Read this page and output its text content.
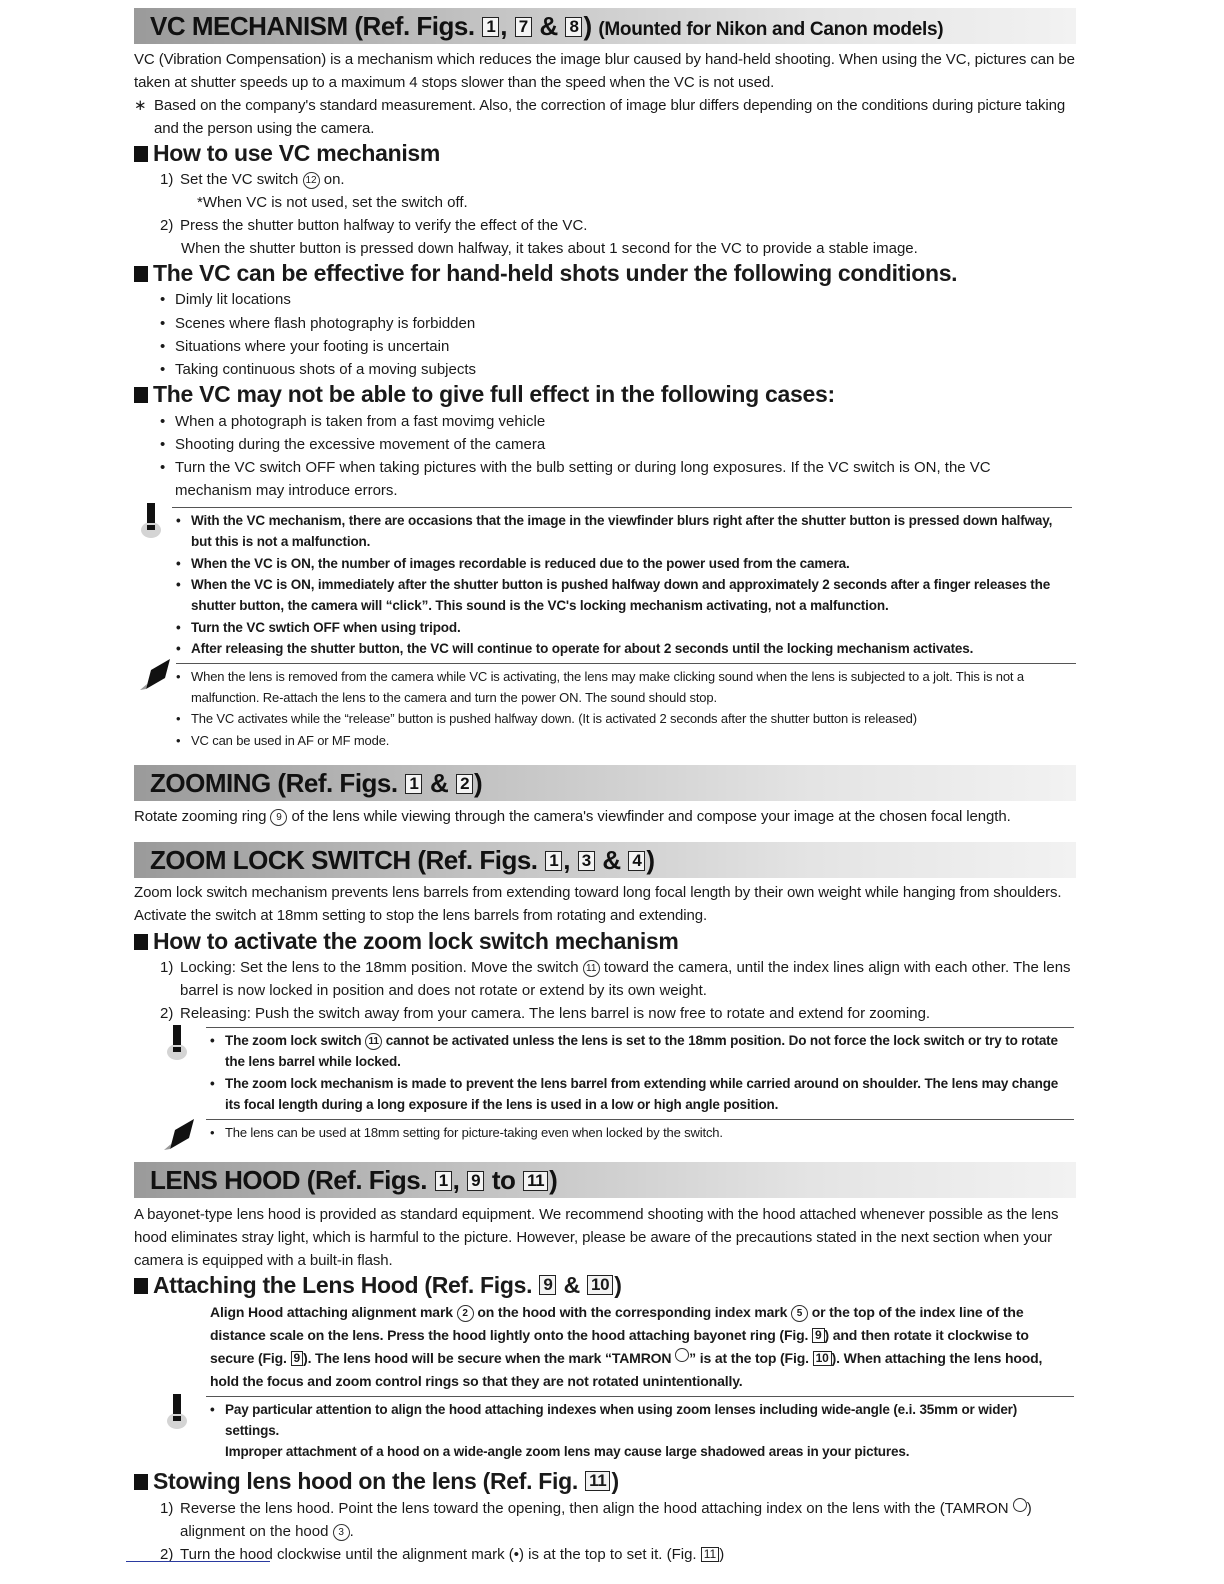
VC MECHANISM (Ref. Figs. 1 , 7 & 8 ) (Mounted for Nikon and Canon models)
VC (Vibration Compensation) is a mechanism which reduces the image blur caused by hand-held shooting. When using the VC, pictures can be taken at shutter speeds up to a maximum 4 stops slower than the speed when the VC is not used.
∗ Based on the company's standard measurement. Also, the correction of image blur differs depending on the conditions during picture taking and the person using the camera.
How to use VC mechanism
1) Set the VC switch 12 on.
*When VC is not used, set the switch off.
2) Press the shutter button halfway to verify the effect of the VC.
When the shutter button is pressed down halfway, it takes about 1 second for the VC to provide a stable image.
The VC can be effective for hand-held shots under the following conditions.
• Dimly lit locations
• Scenes where flash photography is forbidden
• Situations where your footing is uncertain
• Taking continuous shots of a moving subjects
The VC may not be able to give full effect in the following cases:
• When a photograph is taken from a fast movimg vehicle
• Shooting during the excessive movement of the camera
• Turn the VC switch OFF when taking pictures with the bulb setting or during long exposures. If the VC switch is ON, the VC mechanism may introduce errors.
• With the VC mechanism, there are occasions that the image in the viewfinder blurs right after the shutter button is pressed down halfway, but this is not a malfunction.
• When the VC is ON, the number of images recordable is reduced due to the power used from the camera.
• When the VC is ON, immediately after the shutter button is pushed halfway down and approximately 2 seconds after a finger releases the shutter button, the camera will “click”. This sound is the VC's locking mechanism activating, not a malfunction.
• Turn the VC swtich OFF when using tripod.
• After releasing the shutter button, the VC will continue to operate for about 2 seconds until the locking mechanism activates.
• When the lens is removed from the camera while VC is activating, the lens may make clicking sound when the lens is subjected to a jolt. This is not a malfunction. Re-attach the lens to the camera and turn the power ON. The sound should stop.
• The VC activates while the “release” button is pushed halfway down. (It is activated 2 seconds after the shutter button is released)
• VC can be used in AF or MF mode.
ZOOMING (Ref. Figs. 1 & 2 )
Rotate zooming ring 9 of the lens while viewing through the camera's viewfinder and compose your image at the chosen focal length.
ZOOM LOCK SWITCH (Ref. Figs. 1 , 3 & 4 )
Zoom lock switch mechanism prevents lens barrels from extending toward long focal length by their own weight while hanging from shoulders. Activate the switch at 18mm setting to stop the lens barrels from rotating and extending.
How to activate the zoom lock switch mechanism
1) Locking: Set the lens to the 18mm position. Move the switch 11 toward the camera, until the index lines align with each other. The lens barrel is now locked in position and does not rotate or extend by its own weight.
2) Releasing: Push the switch away from your camera. The lens barrel is now free to rotate and extend for zooming.
• The zoom lock switch 11 cannot be activated unless the lens is set to the 18mm position. Do not force the lock switch or try to rotate the lens barrel while locked.
• The zoom lock mechanism is made to prevent the lens barrel from extending while carried around on shoulder. The lens may change its focal length during a long exposure if the lens is used in a low or high angle position.
• The lens can be used at 18mm setting for picture-taking even when locked by the switch.
LENS HOOD (Ref. Figs. 1 , 9 to 11 )
A bayonet-type lens hood is provided as standard equipment. We recommend shooting with the hood attached whenever possible as the lens hood eliminates stray light, which is harmful to the picture. However, please be aware of the precautions stated in the next section when your camera is equipped with a built-in flash.
Attaching the Lens Hood (Ref. Figs. 9 & 10 )
Align Hood attaching alignment mark 2 on the hood with the corresponding index mark 5 or the top of the index line of the distance scale on the lens. Press the hood lightly onto the hood attaching bayonet ring (Fig. 9 ) and then rotate it clockwise to secure (Fig. 9 ). The lens hood will be secure when the mark “TAMRON ” is at the top (Fig. 10 ). When attaching the lens hood, hold the focus and zoom control rings so that they are not rotated unintentionally.
• Pay particular attention to align the hood attaching indexes when using zoom lenses including wide-angle (e.i. 35mm or wider) settings.
Improper attachment of a hood on a wide-angle zoom lens may cause large shadowed areas in your pictures.
Stowing lens hood on the lens (Ref. Fig. 11 )
1) Reverse the lens hood. Point the lens toward the opening, then align the hood attaching index on the lens with the (TAMRON ) alignment on the hood 3 .
2) Turn the hood clockwise until the alignment mark (•) is at the top to set it. (Fig. 11 )
